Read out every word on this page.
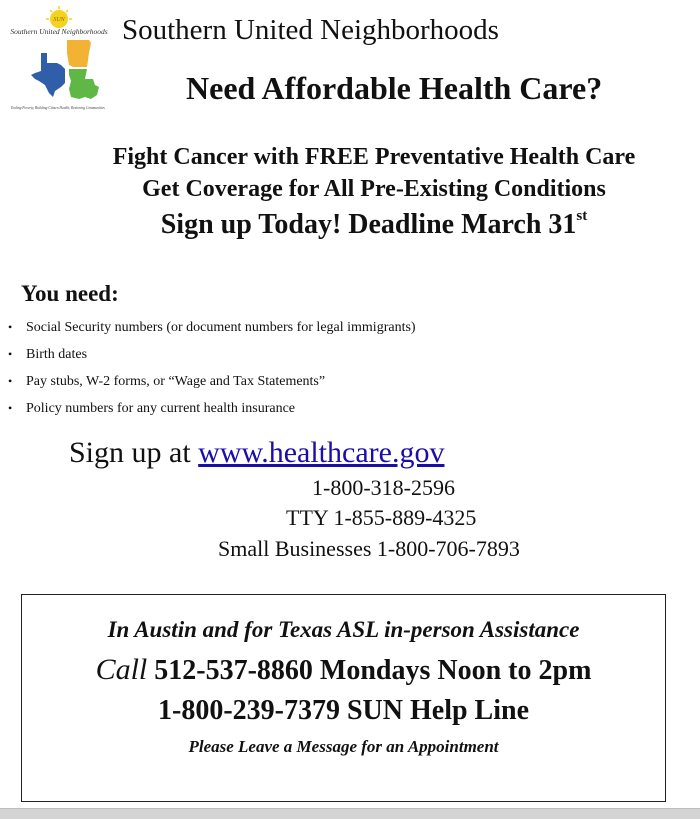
SUN
Southern United Neighborhoods
Ending Poverty, Building Citizen Health, Restoring Communities
Southern United Neighborhoods
Need Affordable Health Care?
Fight Cancer with FREE Preventative Health Care
Get Coverage for All Pre-Existing Conditions
Sign up Today! Deadline March 31st
You need:
• Social Security numbers (or document numbers for legal immigrants)
• Birth dates
• Pay stubs, W-2 forms, or “Wage and Tax Statements”
• Policy numbers for any current health insurance
Sign up at www.healthcare.gov
1-800-318-2596
TTY 1-855-889-4325
Small Businesses 1-800-706-7893
In Austin and for Texas ASL in-person Assistance
Call 512-537-8860 Mondays Noon to 2pm
1-800-239-7379 SUN Help Line
Please Leave a Message for an Appointment
